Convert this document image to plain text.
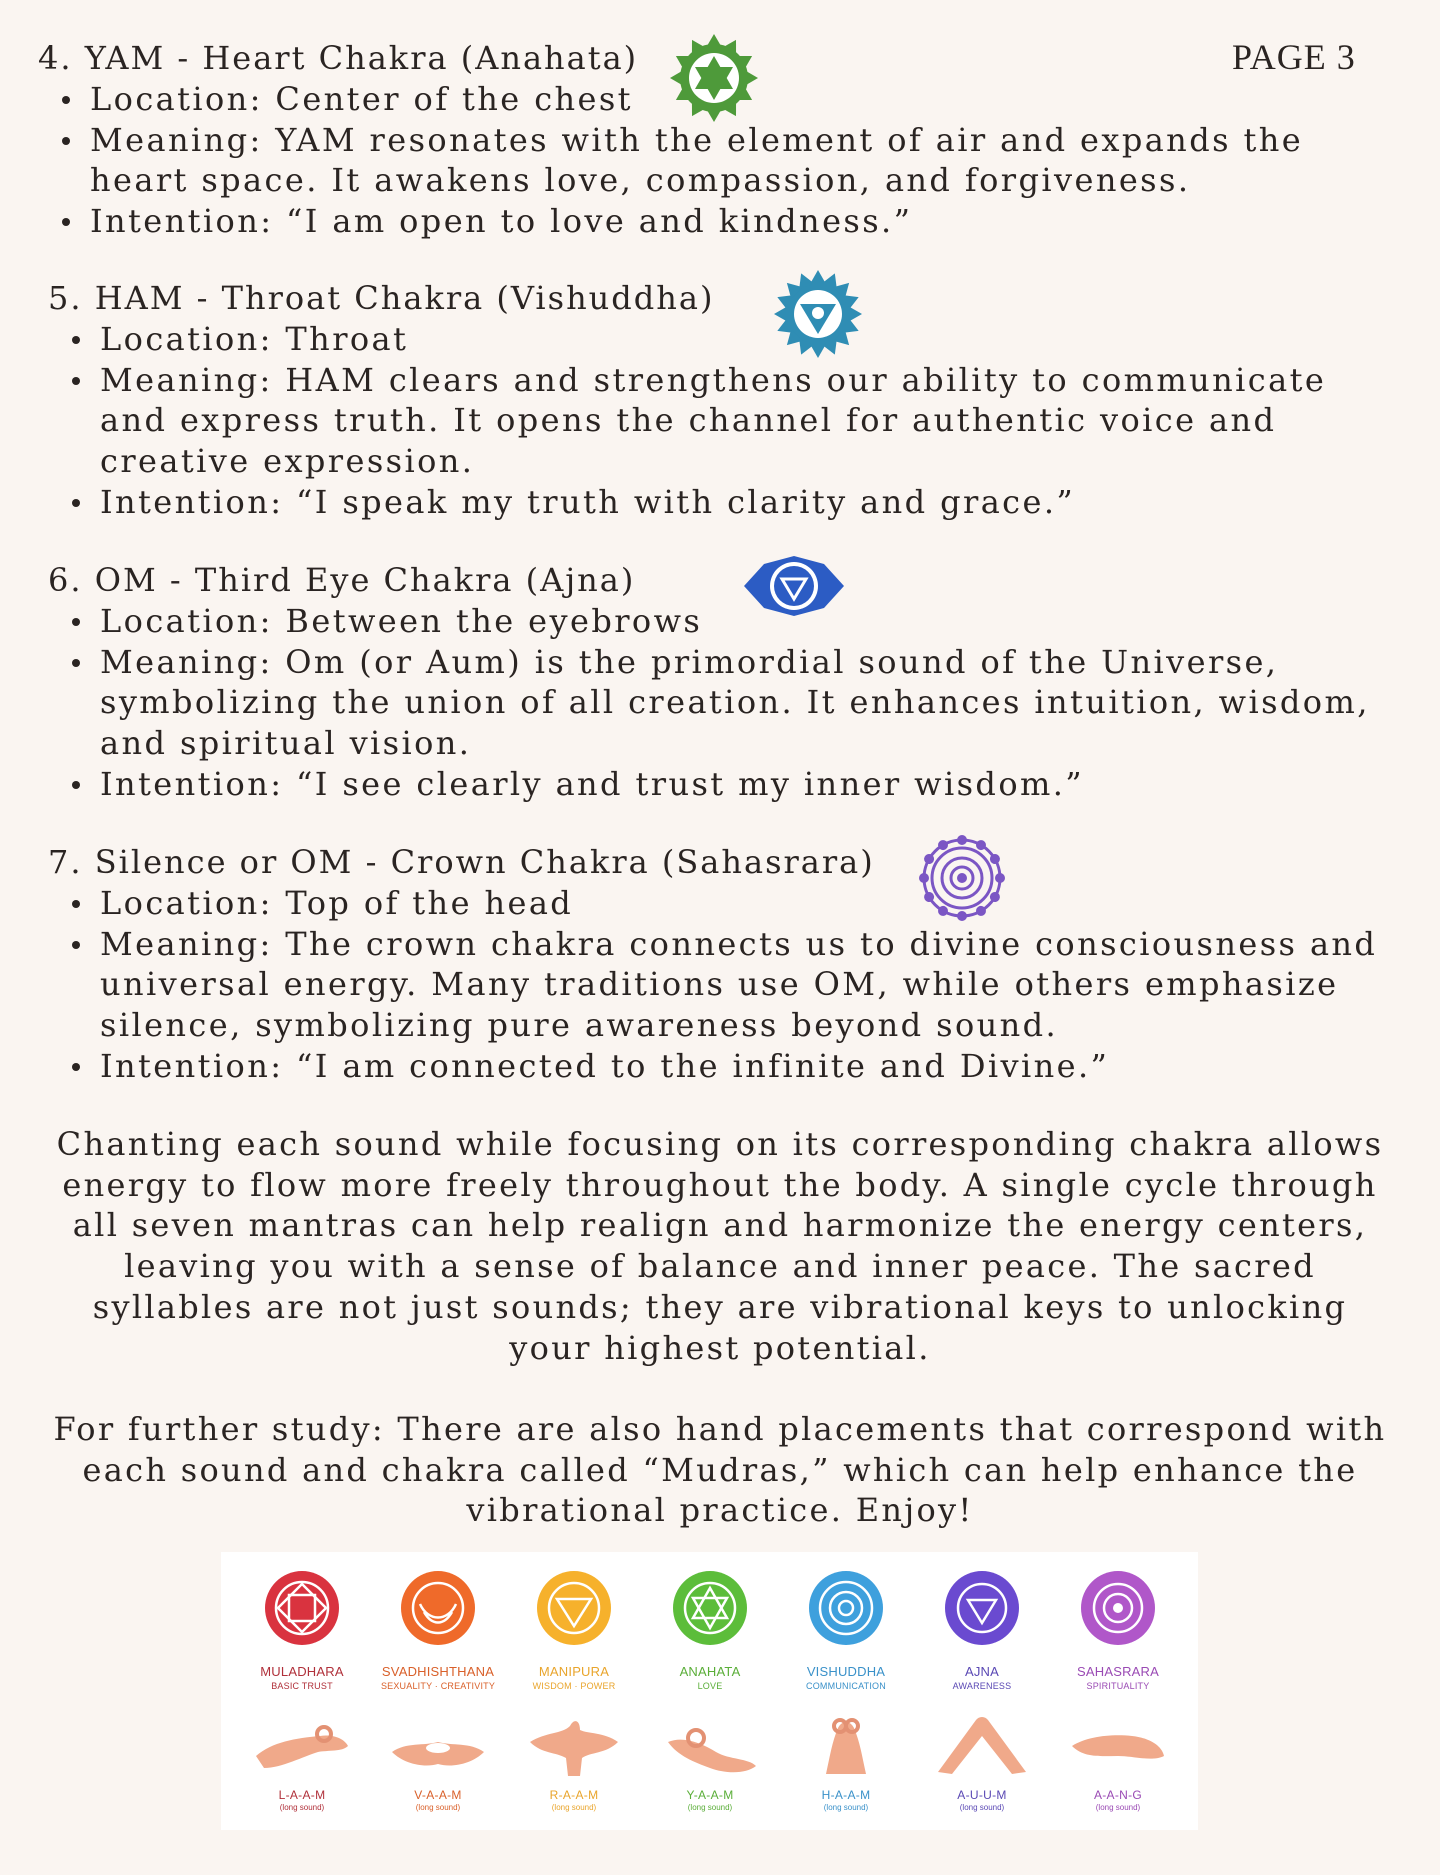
PAGE 3
4. YAM - Heart Chakra (Anahata)
Location: Center of the chest
Meaning: YAM resonates with the element of air and expands the
heart space. It awakens love, compassion, and forgiveness.
Intention: “I am open to love and kindness.”
5. HAM - Throat Chakra (Vishuddha)
Location: Throat
Meaning: HAM clears and strengthens our ability to communicate
and express truth. It opens the channel for authentic voice and
creative expression.
Intention: “I speak my truth with clarity and grace.”
6. OM - Third Eye Chakra (Ajna)
Location: Between the eyebrows
Meaning: Om (or Aum) is the primordial sound of the Universe,
symbolizing the union of all creation. It enhances intuition, wisdom,
and spiritual vision.
Intention: “I see clearly and trust my inner wisdom.”
7. Silence or OM - Crown Chakra (Sahasrara)
Location: Top of the head
Meaning: The crown chakra connects us to divine consciousness and
universal energy. Many traditions use OM, while others emphasize
silence, symbolizing pure awareness beyond sound.
Intention: “I am connected to the infinite and Divine.”

Chanting each sound while focusing on its corresponding chakra allows
energy to flow more freely throughout the body. A single cycle through
all seven mantras can help realign and harmonize the energy centers,
leaving you with a sense of balance and inner peace. The sacred
syllables are not just sounds; they are vibrational keys to unlocking
your highest potential.

For further study: There are also hand placements that correspond with
each sound and chakra called “Mudras,” which can help enhance the
vibrational practice. Enjoy!

MULADHARA
BASIC TRUST
L-A-A-M
(long sound)
SVADHISHTHANA
SEXUALITY · CREATIVITY
V-A-A-M
(long sound)
MANIPURA
WISDOM · POWER
R-A-A-M
(long sound)
ANAHATA
LOVE
Y-A-A-M
(long sound)
VISHUDDHA
COMMUNICATION
H-A-A-M
(long sound)
AJNA
AWARENESS
A-U-U-M
(long sound)
SAHASRARA
SPIRITUALITY
A-A-N-G
(long sound)
